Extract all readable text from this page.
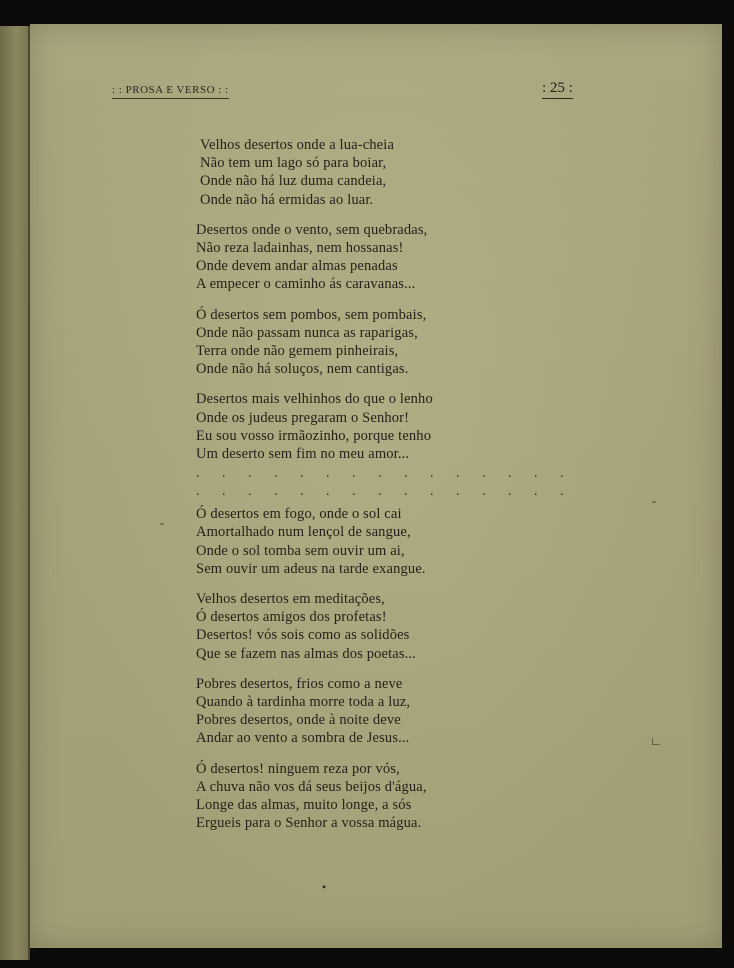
: : PROSA E VERSO : :	: 25 :
Velhos desertos onde a lua-cheia
Não tem um lago só para boiar,
Onde não há luz duma candeia,
Onde não há ermidas ao luar.
Desertos onde o vento, sem quebradas,
Não reza ladainhas, nem hossanas!
Onde devem andar almas penadas
A empecer o caminho ás caravanas...
Ó desertos sem pombos, sem pombais,
Onde não passam nunca as raparigas,
Terra onde não gemem pinheirais,
Onde não há soluços, nem cantigas.
Desertos mais velhinhos do que o lenho
Onde os judeus pregaram o Senhor!
Eu sou vosso irmãozinho, porque tenho
Um deserto sem fim no meu amor...
. . . . . . . . . . . . . . .
. . . . . . . . . . . . . . .
Ó desertos em fogo, onde o sol cai
Amortalhado num lençol de sangue,
Onde o sol tomba sem ouvir um ai,
Sem ouvir um adeus na tarde exangue.
Velhos desertos em meditações,
Ó desertos amigos dos profetas!
Desertos! vós sois como as solidões
Que se fazem nas almas dos poetas...
Pobres desertos, frios como a neve
Quando à tardinha morre toda a luz,
Pobres desertos, onde à noite deve
Andar ao vento a sombra de Jesus...
Ó desertos! ninguem reza por vós,
A chuva não vos dá seus beijos d'água,
Longe das almas, muito longe, a sós
Ergueis para o Senhor a vossa mágua.
-
-
∟
•
